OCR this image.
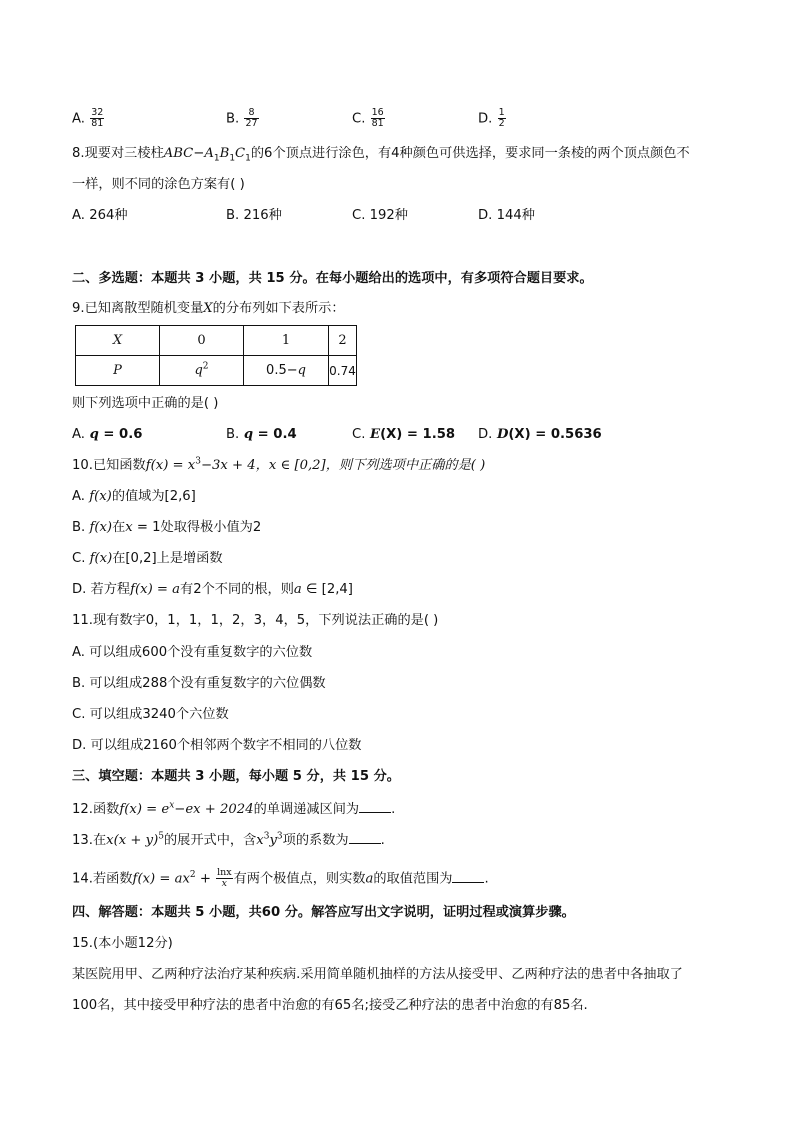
A. $\frac{32}{81}$	B. $\frac{8}{27}$	C. $\frac{16}{81}$	D. $\frac{1}{2}$
8.现要对三棱柱$ABC-A_1B_1C_1$的6个顶点进行涂色，有4种颜色可供选择，要求同一条棱的两个顶点颜色不
一样，则不同的涂色方案有( )
A. 264种	B. 216种	C. 192种	D. 144种
二、多选题：本题共 3 小题，共 15 分。在每小题给出的选项中，有多项符合题目要求。
9.已知离散型随机变量X的分布列如下表所示：
X	0	1	2
P	$q^2$	0.5−q	0.74
则下列选项中正确的是( )
A. q = 0.6	B. q = 0.4	C. E(X) = 1.58 D. D(X) = 0.5636
10.已知函数$f(x) = x^3-3x + 4$，x ∈ [0,2]，则下列选项中正确的是( )
A. f(x)的值域为[2,6]
B. f(x)在x = 1处取得极小值为2
C. f(x)在[0,2]上是增函数
D. 若方程f(x) = a有2个不同的根，则a ∈ [2,4]
11.现有数字0，1，1，1，2，3，4，5，下列说法正确的是( )
A. 可以组成600个没有重复数字的六位数
B. 可以组成288个没有重复数字的六位偶数
C. 可以组成3240个六位数
D. 可以组成2160个相邻两个数字不相同的八位数
三、填空题：本题共 3 小题，每小题 5 分，共 15 分。
12.函数$f(x) = e^x-ex + 2024$的单调递减区间为 .
13.在$x(x + y)^5$的展开式中，含$x^3y^3$项的系数为 .
14.若函数$f(x) = ax^2 + \frac{\ln x}{x}$ 有两个极值点，则实数a的取值范围为 .
四、解答题：本题共 5 小题，共60 分。解答应写出文字说明，证明过程或演算步骤。
15.(本小题12分)
某医院用甲、乙两种疗法治疗某种疾病.采用简单随机抽样的方法从接受甲、乙两种疗法的患者中各抽取了
100名，其中接受甲种疗法的患者中治愈的有65名;接受乙种疗法的患者中治愈的有85名.
